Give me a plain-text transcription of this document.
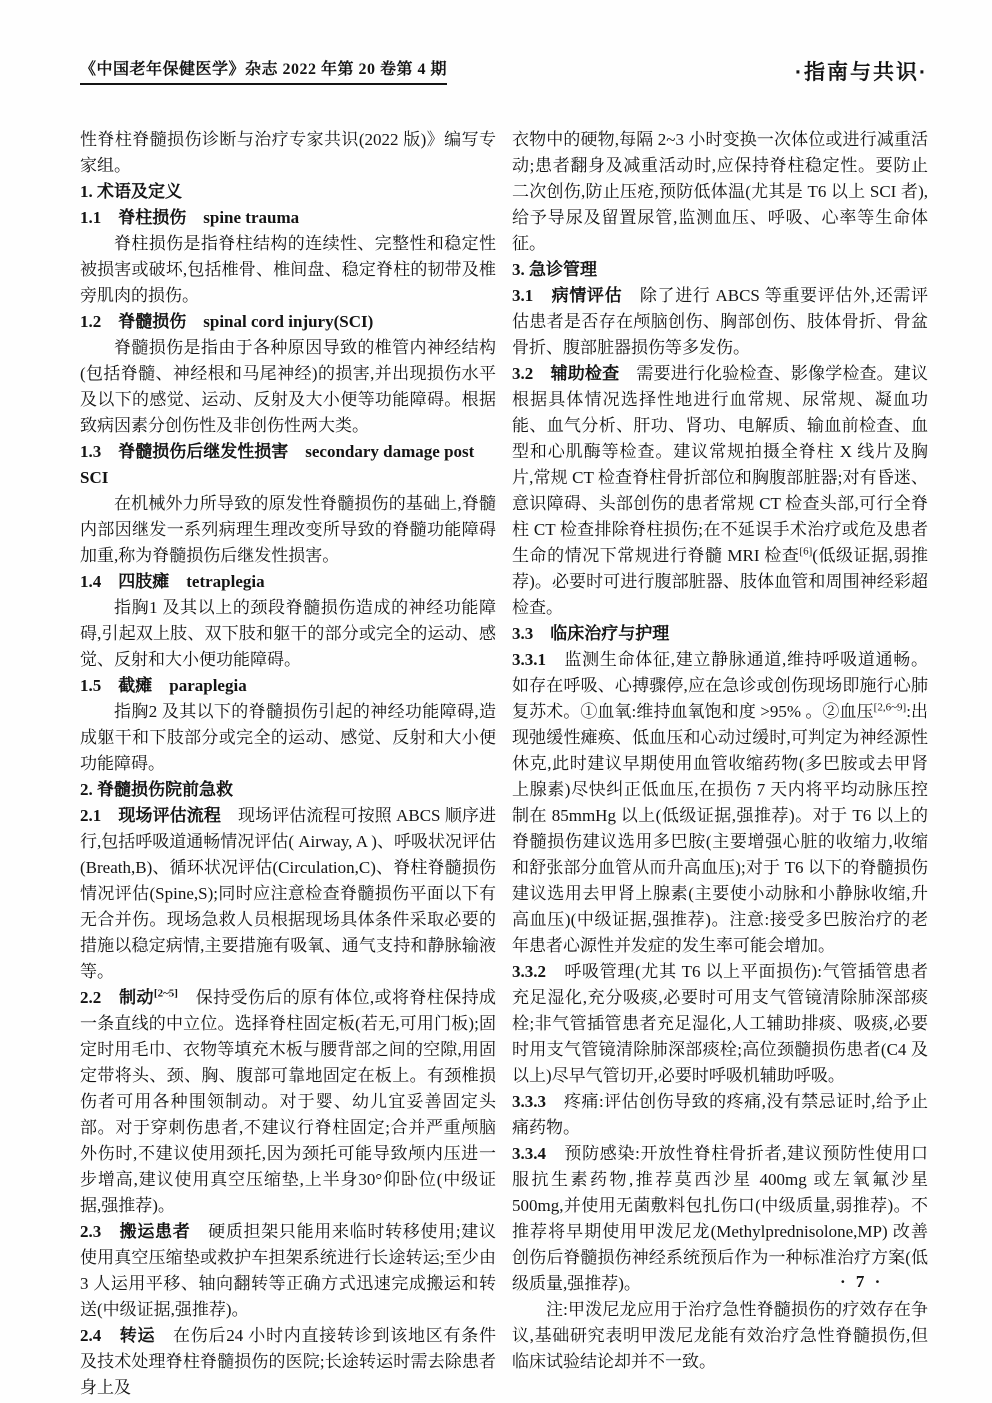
《中国老年保健医学》杂志 2022 年第 20 卷第 4 期	·指南与共识·

性脊柱脊髓损伤诊断与治疗专家共识(2022 版)》编写专家组。

1. 术语及定义

1.1　脊柱损伤　spine trauma

脊柱损伤是指脊柱结构的连续性、完整性和稳定性被损害或破坏,包括椎骨、椎间盘、稳定脊柱的韧带及椎旁肌肉的损伤。

1.2　脊髓损伤　spinal cord injury(SCI)

脊髓损伤是指由于各种原因导致的椎管内神经结构(包括脊髓、神经根和马尾神经)的损害,并出现损伤水平及以下的感觉、运动、反射及大小便等功能障碍。根据致病因素分创伤性及非创伤性两大类。

1.3　脊髓损伤后继发性损害　secondary damage post SCI

在机械外力所导致的原发性脊髓损伤的基础上,脊髓内部因继发一系列病理生理改变所导致的脊髓功能障碍加重,称为脊髓损伤后继发性损害。

1.4　四肢瘫　tetraplegia

指胸1 及其以上的颈段脊髓损伤造成的神经功能障碍,引起双上肢、双下肢和躯干的部分或完全的运动、感觉、反射和大小便功能障碍。

1.5　截瘫　paraplegia

指胸2 及其以下的脊髓损伤引起的神经功能障碍,造成躯干和下肢部分或完全的运动、感觉、反射和大小便功能障碍。

2. 脊髓损伤院前急救

2.1　现场评估流程　现场评估流程可按照 ABCS 顺序进行,包括呼吸道通畅情况评估( Airway, A )、呼吸状况评估(Breath,B)、循环状况评估(Circulation,C)、脊柱脊髓损伤情况评估(Spine,S);同时应注意检查脊髓损伤平面以下有无合并伤。现场急救人员根据现场具体条件采取必要的措施以稳定病情,主要措施有吸氧、通气支持和静脉输液等。

2.2　制动[2~5]　保持受伤后的原有体位,或将脊柱保持成一条直线的中立位。选择脊柱固定板(若无,可用门板);固定时用毛巾、衣物等填充木板与腰背部之间的空隙,用固定带将头、颈、胸、腹部可靠地固定在板上。有颈椎损伤者可用各种围领制动。对于婴、幼儿宜妥善固定头部。对于穿刺伤患者,不建议行脊柱固定;合并严重颅脑外伤时,不建议使用颈托,因为颈托可能导致颅内压进一步增高,建议使用真空压缩垫,上半身30°仰卧位(中级证据,强推荐)。

2.3　搬运患者　硬质担架只能用来临时转移使用;建议使用真空压缩垫或救护车担架系统进行长途转运;至少由3 人运用平移、轴向翻转等正确方式迅速完成搬运和转送(中级证据,强推荐)。

2.4　转运　在伤后24 小时内直接转诊到该地区有条件及技术处理脊柱脊髓损伤的医院;长途转运时需去除患者身上及

衣物中的硬物,每隔 2~3 小时变换一次体位或进行减重活动;患者翻身及减重活动时,应保持脊柱稳定性。要防止二次创伤,防止压疮,预防低体温(尤其是 T6 以上 SCI 者),给予导尿及留置尿管,监测血压、呼吸、心率等生命体征。

3. 急诊管理

3.1　病情评估　除了进行 ABCS 等重要评估外,还需评估患者是否存在颅脑创伤、胸部创伤、肢体骨折、骨盆骨折、腹部脏器损伤等多发伤。

3.2　辅助检查　需要进行化验检查、影像学检查。建议根据具体情况选择性地进行血常规、尿常规、凝血功能、血气分析、肝功、肾功、电解质、输血前检查、血型和心肌酶等检查。建议常规拍摄全脊柱 X 线片及胸片,常规 CT 检查脊柱骨折部位和胸腹部脏器;对有昏迷、意识障碍、头部创伤的患者常规 CT 检查头部,可行全脊柱 CT 检查排除脊柱损伤;在不延误手术治疗或危及患者生命的情况下常规进行脊髓 MRI 检查[6](低级证据,弱推荐)。必要时可进行腹部脏器、肢体血管和周围神经彩超检查。

3.3　临床治疗与护理

3.3.1　监测生命体征,建立静脉通道,维持呼吸道通畅。如存在呼吸、心搏骤停,应在急诊或创伤现场即施行心肺复苏术。①血氧:维持血氧饱和度 >95% 。②血压[2,6~9]:出现弛缓性瘫痪、低血压和心动过缓时,可判定为神经源性休克,此时建议早期使用血管收缩药物(多巴胺或去甲肾上腺素)尽快纠正低血压,在损伤 7 天内将平均动脉压控制在 85mmHg 以上(低级证据,强推荐)。对于 T6 以上的脊髓损伤建议选用多巴胺(主要增强心脏的收缩力,收缩和舒张部分血管从而升高血压);对于 T6 以下的脊髓损伤建议选用去甲肾上腺素(主要使小动脉和小静脉收缩,升高血压)(中级证据,强推荐)。注意:接受多巴胺治疗的老年患者心源性并发症的发生率可能会增加。

3.3.2　呼吸管理(尤其 T6 以上平面损伤):气管插管患者充足湿化,充分吸痰,必要时可用支气管镜清除肺深部痰栓;非气管插管患者充足湿化,人工辅助排痰、吸痰,必要时用支气管镜清除肺深部痰栓;高位颈髓损伤患者(C4 及以上)尽早气管切开,必要时呼吸机辅助呼吸。

3.3.3　疼痛:评估创伤导致的疼痛,没有禁忌证时,给予止痛药物。

3.3.4　预防感染:开放性脊柱骨折者,建议预防性使用口服抗生素药物,推荐莫西沙星 400mg 或左氧氟沙星 500mg,并使用无菌敷料包扎伤口(中级质量,弱推荐)。不推荐将早期使用甲泼尼龙(Methylprednisolone,MP) 改善创伤后脊髓损伤神经系统预后作为一种标准治疗方案(低级质量,强推荐)。

注:甲泼尼龙应用于治疗急性脊髓损伤的疗效存在争议,基础研究表明甲泼尼龙能有效治疗急性脊髓损伤,但临床试验结论却并不一致。

· 7 ·
